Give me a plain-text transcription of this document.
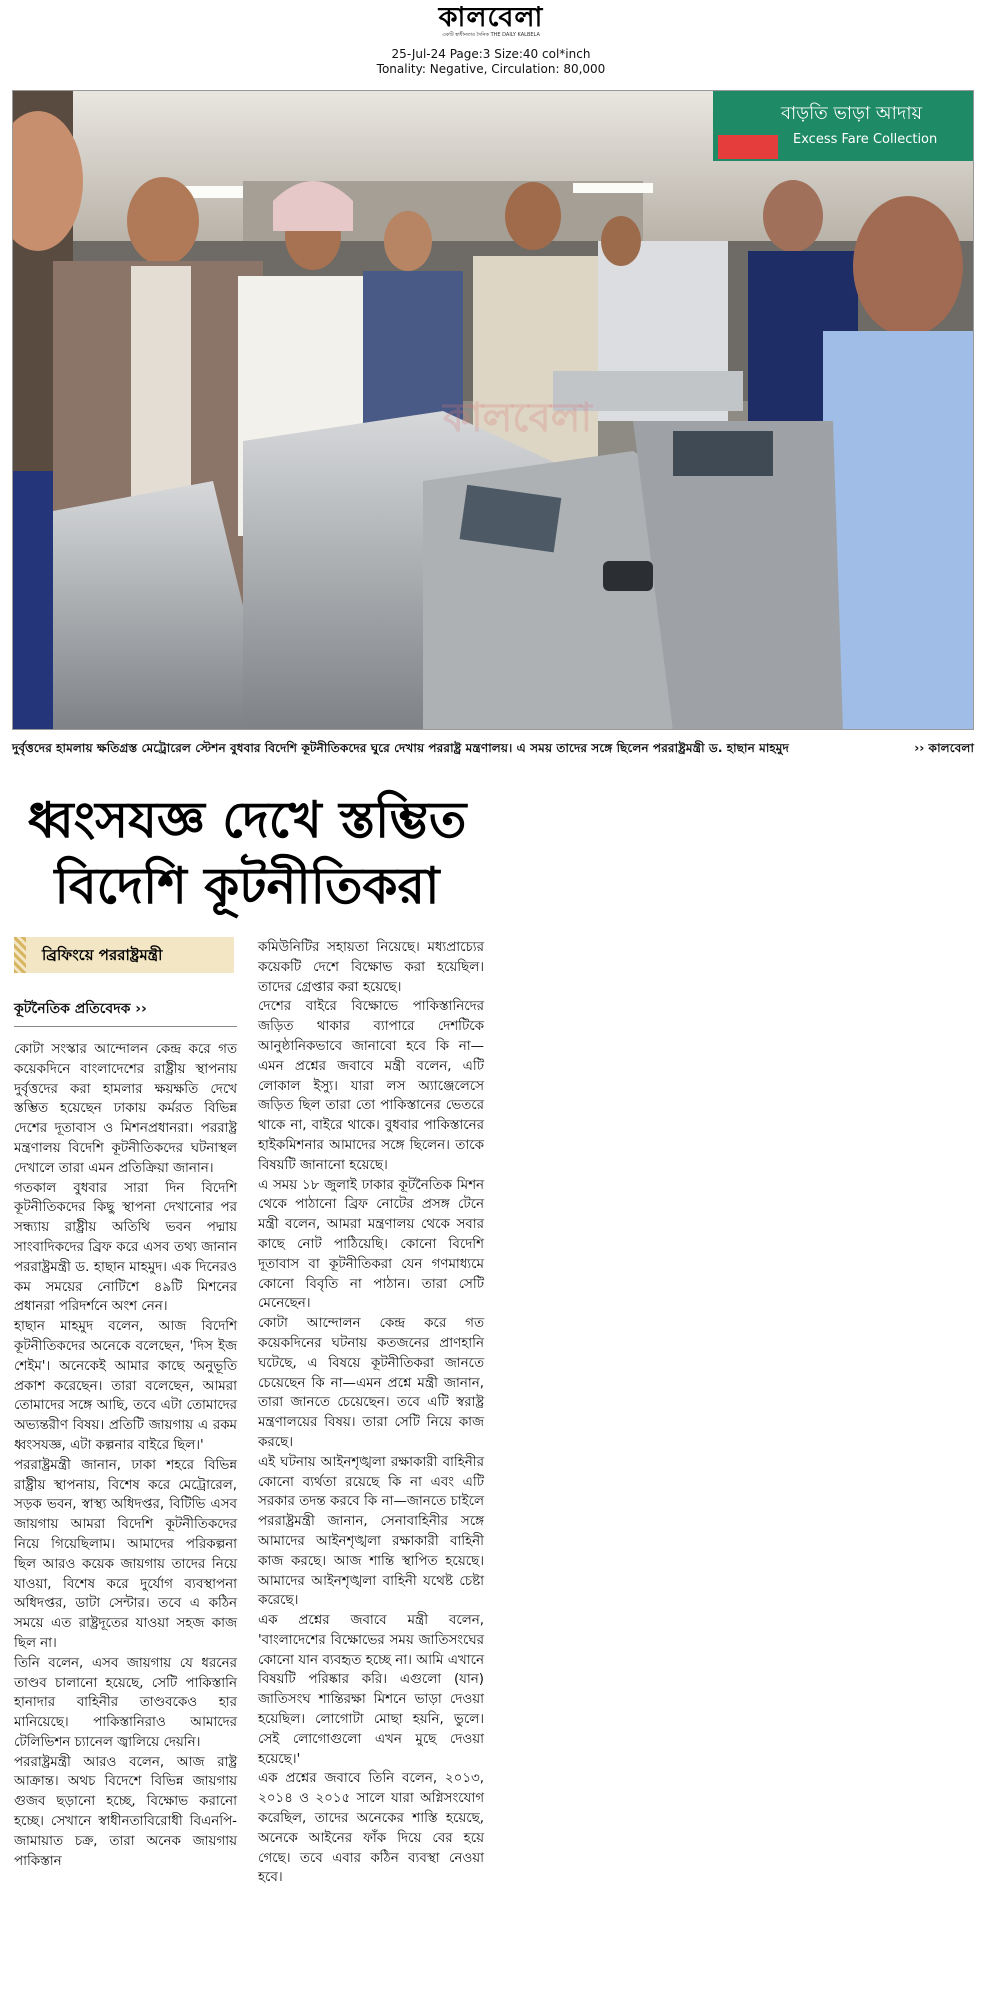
কালবেলা
একটি স্বাধীনতার দৈনিক THE DAILY KALBELA
25-Jul-24 Page:3 Size:40 col*inch
Tonality: Negative, Circulation: 80,000
বাড়তি ভাড়া আদায়
Excess Fare Collection
কালবেলা
দুর্বৃত্তদের হামলায় ক্ষতিগ্রস্ত মেট্রোরেল স্টেশন বুধবার বিদেশি কূটনীতিকদের ঘুরে দেখায় পররাষ্ট্র মন্ত্রণালয়। এ সময় তাদের সঙ্গে ছিলেন পররাষ্ট্রমন্ত্রী ড. হাছান মাহমুদ	›› কালবেলা
ধ্বংসযজ্ঞ দেখে স্তম্ভিত
বিদেশি কূটনীতিকরা
ব্রিফিংয়ে পররাষ্ট্রমন্ত্রী
কূটনৈতিক প্রতিবেদক ››

কোটা সংস্কার আন্দোলন কেন্দ্র করে গত কয়েকদিনে বাংলাদেশের রাষ্ট্রীয় স্থাপনায় দুর্বৃত্তদের করা হামলার ক্ষয়ক্ষতি দেখে স্তম্ভিত হয়েছেন ঢাকায় কর্মরত বিভিন্ন দেশের দূতাবাস ও মিশনপ্রধানরা। পররাষ্ট্র মন্ত্রণালয় বিদেশি কূটনীতিকদের ঘটনাস্থল দেখালে তারা এমন প্রতিক্রিয়া জানান।

গতকাল বুধবার সারা দিন বিদেশি কূটনীতিকদের কিছু স্থাপনা দেখানোর পর সন্ধ্যায় রাষ্ট্রীয় অতিথি ভবন পদ্মায় সাংবাদিকদের ব্রিফ করে এসব তথ্য জানান পররাষ্ট্রমন্ত্রী ড. হাছান মাহমুদ। এক দিনেরও কম সময়ের নোটিশে ৪৯টি মিশনের প্রধানরা পরিদর্শনে অংশ নেন।

হাছান মাহমুদ বলেন, আজ বিদেশি কূটনীতিকদের অনেকে বলেছেন, 'দিস ইজ শেইম'। অনেকেই আমার কাছে অনুভূতি প্রকাশ করেছেন। তারা বলেছেন, আমরা তোমাদের সঙ্গে আছি, তবে এটা তোমাদের অভ্যন্তরীণ বিষয়। প্রতিটি জায়গায় এ রকম ধ্বংসযজ্ঞ, এটা কল্পনার বাইরে ছিল।'

পররাষ্ট্রমন্ত্রী জানান, ঢাকা শহরে বিভিন্ন রাষ্ট্রীয় স্থাপনায়, বিশেষ করে মেট্রোরেল, সড়ক ভবন, স্বাস্থ্য অধিদপ্তর, বিটিভি এসব জায়গায় আমরা বিদেশি কূটনীতিকদের নিয়ে গিয়েছিলাম। আমাদের পরিকল্পনা ছিল আরও কয়েক জায়গায় তাদের নিয়ে যাওয়া, বিশেষ করে দুর্যোগ ব্যবস্থাপনা অধিদপ্তর, ডাটা সেন্টার। তবে এ কঠিন সময়ে এত রাষ্ট্রদূতের যাওয়া সহজ কাজ ছিল না।

তিনি বলেন, এসব জায়গায় যে ধরনের তাণ্ডব চালানো হয়েছে, সেটি পাকিস্তানি হানাদার বাহিনীর তাণ্ডবকেও হার মানিয়েছে। পাকিস্তানিরাও আমাদের টেলিভিশন চ্যানেল জ্বালিয়ে দেয়নি।

পররাষ্ট্রমন্ত্রী আরও বলেন, আজ রাষ্ট্র আক্রান্ত। অথচ বিদেশে বিভিন্ন জায়গায় গুজব ছড়ানো হচ্ছে, বিক্ষোভ করানো হচ্ছে। সেখানে স্বাধীনতাবিরোধী বিএনপি-জামায়াত চক্র, তারা অনেক জায়গায় পাকিস্তান

কমিউনিটির সহায়তা নিয়েছে। মধ্যপ্রাচ্যের কয়েকটি দেশে বিক্ষোভ করা হয়েছিল। তাদের গ্রেপ্তার করা হয়েছে।

দেশের বাইরে বিক্ষোভে পাকিস্তানিদের জড়িত থাকার ব্যাপারে দেশটিকে আনুষ্ঠানিকভাবে জানাবো হবে কি না—এমন প্রশ্নের জবাবে মন্ত্রী বলেন, এটি লোকাল ইস্যু। যারা লস অ্যাঞ্জেলেসে জড়িত ছিল তারা তো পাকিস্তানের ভেতরে থাকে না, বাইরে থাকে। বুধবার পাকিস্তানের হাইকমিশনার আমাদের সঙ্গে ছিলেন। তাকে বিষয়টি জানানো হয়েছে।

এ সময় ১৮ জুলাই ঢাকার কূটনৈতিক মিশন থেকে পাঠানো ব্রিফ নোটের প্রসঙ্গ টেনে মন্ত্রী বলেন, আমরা মন্ত্রণালয় থেকে সবার কাছে নোট পাঠিয়েছি। কোনো বিদেশি দূতাবাস বা কূটনীতিকরা যেন গণমাধ্যমে কোনো বিবৃতি না পাঠান। তারা সেটি মেনেছেন।

কোটা আন্দোলন কেন্দ্র করে গত কয়েকদিনের ঘটনায় কতজনের প্রাণহানি ঘটেছে, এ বিষয়ে কূটনীতিকরা জানতে চেয়েছেন কি না—এমন প্রশ্নে মন্ত্রী জানান, তারা জানতে চেয়েছেন। তবে এটি স্বরাষ্ট্র মন্ত্রণালয়ের বিষয়। তারা সেটি নিয়ে কাজ করছে।

এই ঘটনায় আইনশৃঙ্খলা রক্ষাকারী বাহিনীর কোনো ব্যর্থতা রয়েছে কি না এবং এটি সরকার তদন্ত করবে কি না—জানতে চাইলে পররাষ্ট্রমন্ত্রী জানান, সেনাবাহিনীর সঙ্গে আমাদের আইনশৃঙ্খলা রক্ষাকারী বাহিনী কাজ করছে। আজ শান্তি স্থাপিত হয়েছে। আমাদের আইনশৃঙ্খলা বাহিনী যথেষ্ট চেষ্টা করেছে।

এক প্রশ্নের জবাবে মন্ত্রী বলেন, 'বাংলাদেশের বিক্ষোভের সময় জাতিসংঘের কোনো যান ব্যবহৃত হচ্ছে না। আমি এখানে বিষয়টি পরিষ্কার করি। এগুলো (যান) জাতিসংঘ শান্তিরক্ষা মিশনে ভাড়া দেওয়া হয়েছিল। লোগোটা মোছা হয়নি, ভুলে। সেই লোগোগুলো এখন মুছে দেওয়া হয়েছে।'

এক প্রশ্নের জবাবে তিনি বলেন, ২০১৩, ২০১৪ ও ২০১৫ সালে যারা অগ্নিসংযোগ করেছিল, তাদের অনেকের শাস্তি হয়েছে, অনেকে আইনের ফাঁক দিয়ে বের হয়ে গেছে। তবে এবার কঠিন ব্যবস্থা নেওয়া হবে।
